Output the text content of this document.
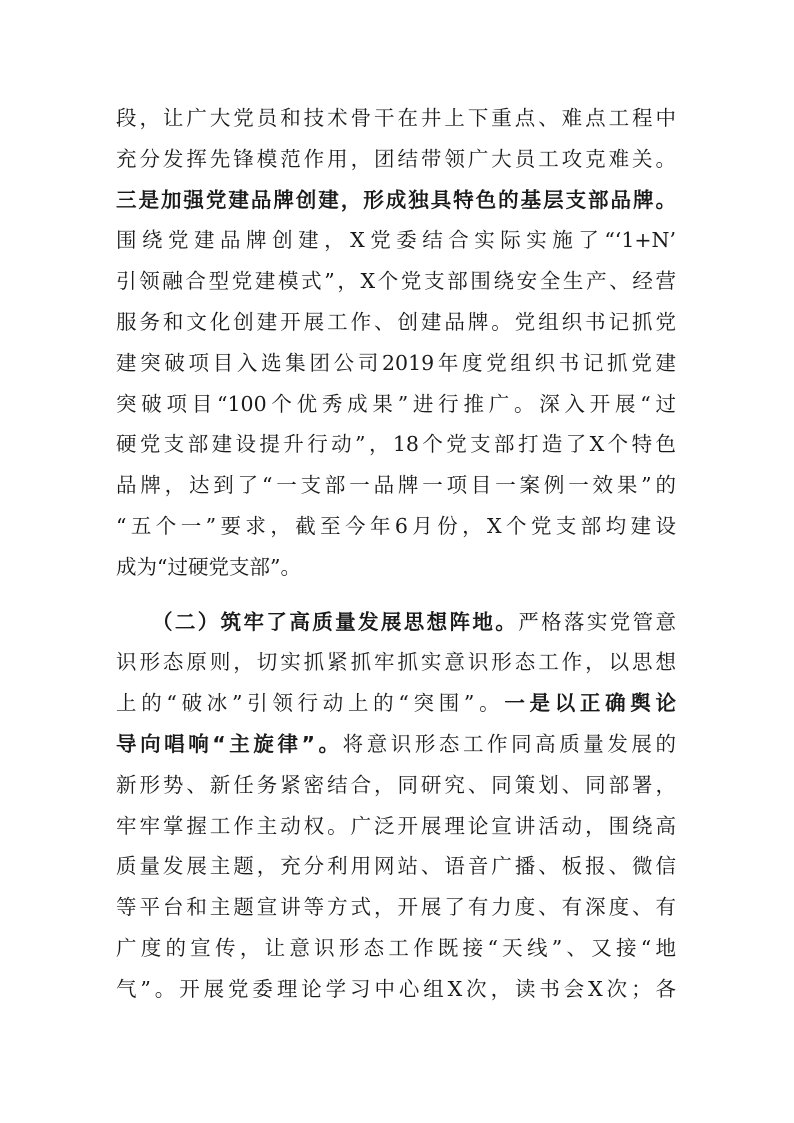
段，让广大党员和技术骨干在井上下重点、难点工程中
充分发挥先锋模范作用，团结带领广大员工攻克难关。
三是加强党建品牌创建，形成独具特色的基层支部品牌。
围绕党建品牌创建，X党委结合实际实施了“‘1+N’
引领融合型党建模式”，X个党支部围绕安全生产、经营
服务和文化创建开展工作、创建品牌。党组织书记抓党
建突破项目入选集团公司2019年度党组织书记抓党建
突破项目“100个优秀成果”进行推广。深入开展“过
硬党支部建设提升行动”，18个党支部打造了X个特色
品牌，达到了“一支部一品牌一项目一案例一效果”的
“五个一”要求，截至今年6月份，X个党支部均建设
成为“过硬党支部”。
（二）筑牢了高质量发展思想阵地。严格落实党管意
识形态原则，切实抓紧抓牢抓实意识形态工作，以思想
上的“破冰”引领行动上的“突围”。一是以正确舆论
导向唱响“主旋律”。将意识形态工作同高质量发展的
新形势、新任务紧密结合，同研究、同策划、同部署，
牢牢掌握工作主动权。广泛开展理论宣讲活动，围绕高
质量发展主题，充分利用网站、语音广播、板报、微信
等平台和主题宣讲等方式，开展了有力度、有深度、有
广度的宣传，让意识形态工作既接“天线”、又接“地
气”。开展党委理论学习中心组X次，读书会X次；各
